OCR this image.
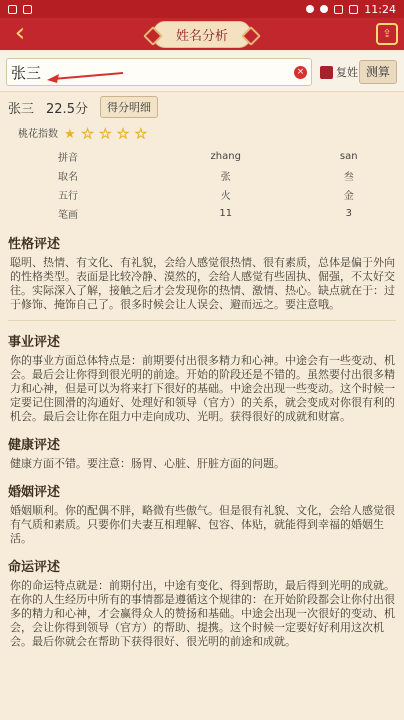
11:24
‹	姓名分析	⇪
张三
×	复姓 测算
张三 22.5分	得分明细
桃花指数 ★ ★ ★ ★ ★
拼音	zhang	san
取名	张	叁
五行	火	金
笔画	11	3
性格评述
聪明、热情、有文化、有礼貌，会给人感觉很热情、很有素质，总体是偏于外向的性格类型。表面是比较冷静、漠然的，会给人感觉有些固执、倔强，不太好交往。实际深入了解，接触之后才会发现你的热情、激情、热心。缺点就在于：过于修饰、掩饰自己了。很多时候会让人误会、避而远之。要注意哦。
事业评述
你的事业方面总体特点是：前期要付出很多精力和心神。中途会有一些变动、机会。最后会让你得到很光明的前途。开始的阶段还是不错的。虽然要付出很多精力和心神，但是可以为将来打下很好的基础。中途会出现一些变动。这个时候一定要记住圆滑的沟通好、处理好和领导（官方）的关系，就会变成对你很有利的机会。最后会让你在阻力中走向成功、光明。获得很好的成就和财富。
健康评述
健康方面不错。要注意：肠胃、心脏、肝脏方面的问题。
婚姻评述
婚姻顺利。你的配偶不胖，略微有些傲气。但是很有礼貌、文化，会给人感觉很有气质和素质。只要你们夫妻互相理解、包容、体贴，就能得到幸福的婚姻生活。
命运评述
你的命运特点就是：前期付出，中途有变化、得到帮助，最后得到光明的成就。在你的人生经历中所有的事情都是遵循这个规律的：在开始阶段都会让你付出很多的精力和心神，才会赢得众人的赞扬和基础。中途会出现一次很好的变动、机会，会让你得到领导（官方）的帮助、提携。这个时候一定要好好利用这次机会。最后你就会在帮助下获得很好、很光明的前途和成就。
